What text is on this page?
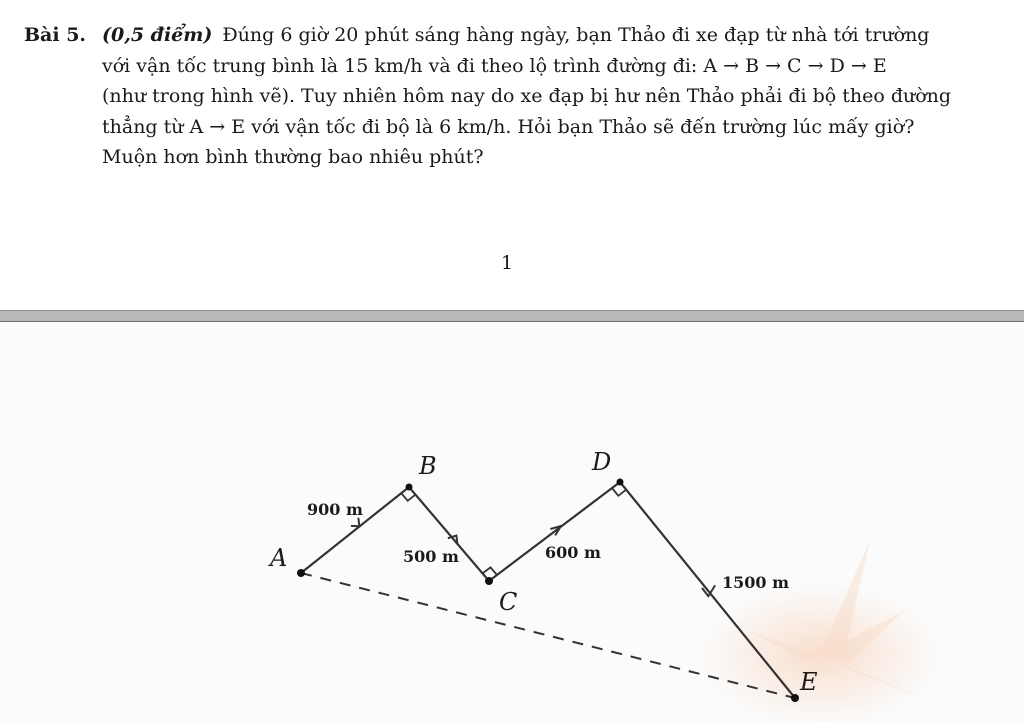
Bài 5. (0,5 điểm) Đúng 6 giờ 20 phút sáng hàng ngày, bạn Thảo đi xe đạp từ nhà tới trường
với vận tốc trung bình là 15 km/h và đi theo lộ trình đường đi: A → B → C → D → E
(như trong hình vẽ). Tuy nhiên hôm nay do xe đạp bị hư nên Thảo phải đi bộ theo đường
thẳng từ A → E với vận tốc đi bộ là 6 km/h. Hỏi bạn Thảo sẽ đến trường lúc mấy giờ?
Muộn hơn bình thường bao nhiêu phút?
1
A
B
C
D
E
900 m
500 m	600 m
1500 m
